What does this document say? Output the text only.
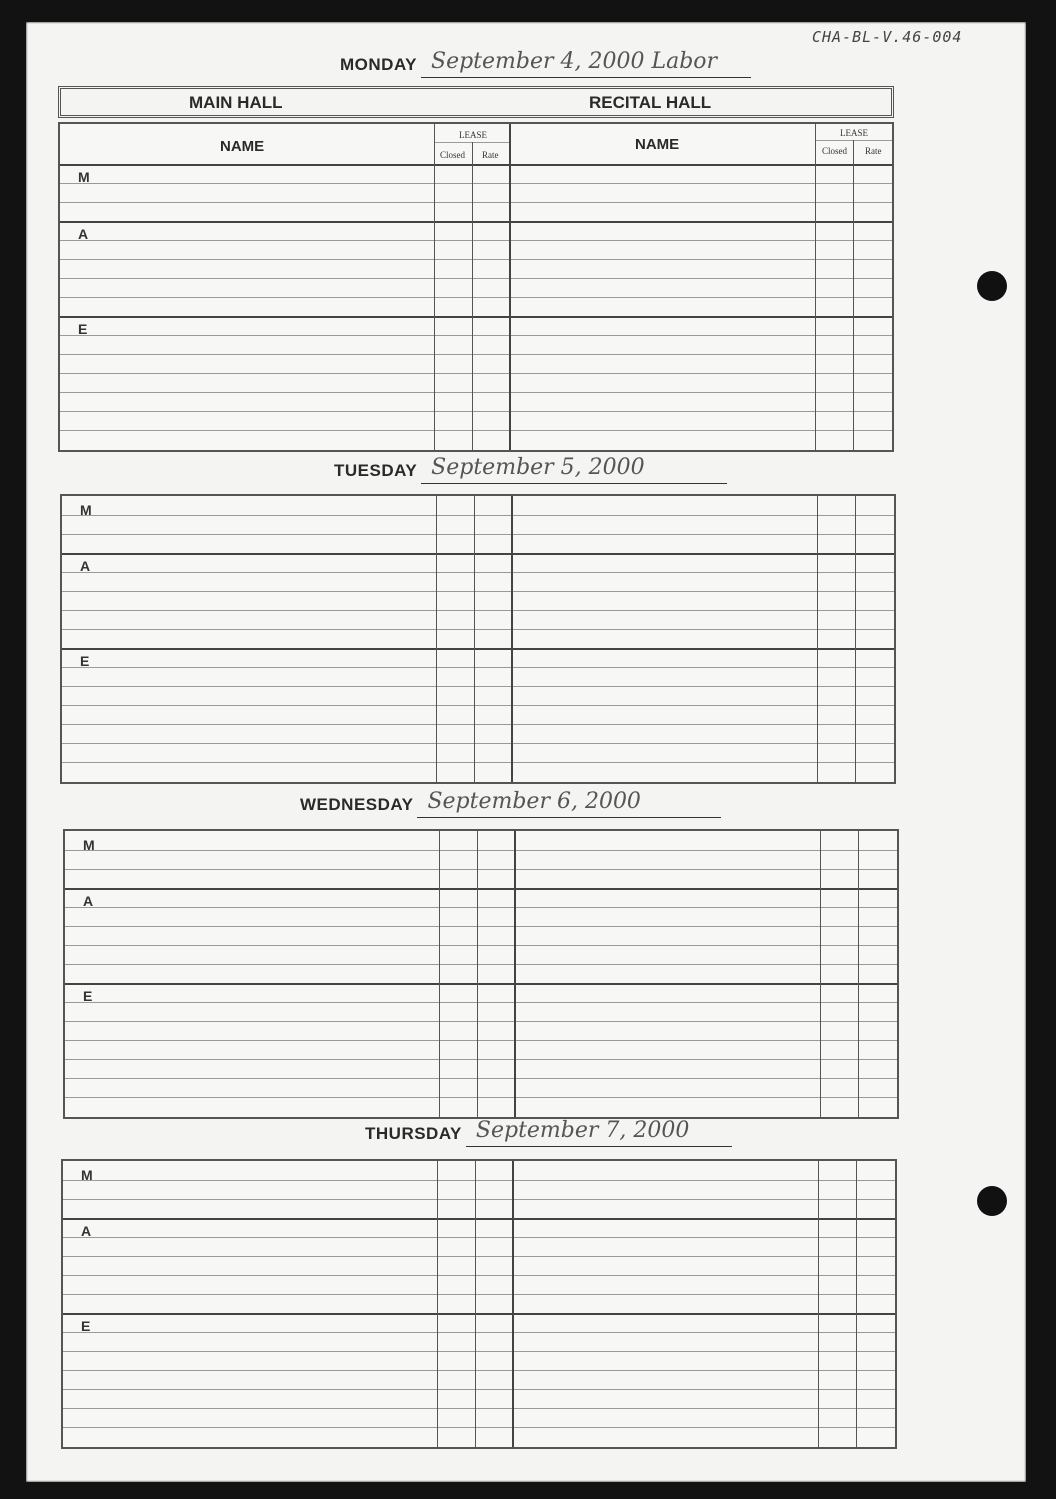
CHA-BL-V.46-004
MONDAY September 4, 2000 Labor
MAIN HALL	RECITAL HALL
NAME	NAME
LEASE
Closed Rate
LEASE
Closed Rate
M
A
E
TUESDAY September 5, 2000
M
A
E
WEDNESDAY September 6, 2000
M
A
E
THURSDAY September 7, 2000
M
A
E
